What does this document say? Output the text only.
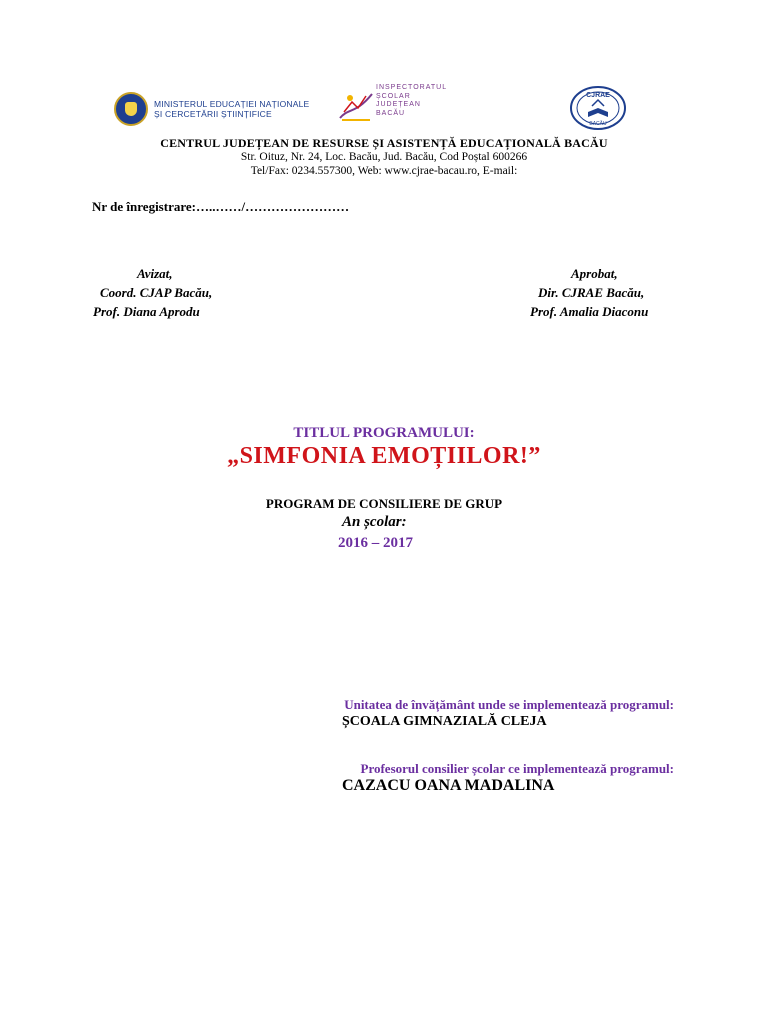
MINISTERUL EDUCAȚIEI NAȚIONALE
ȘI CERCETĂRII ȘTIINȚIFICE
INSPECTORATUL
ȘCOLAR
JUDEȚEAN
BACĂU
CJRAE
BACĂU
CENTRUL JUDEȚEAN DE RESURSE ȘI ASISTENȚĂ EDUCAȚIONALĂ BACĂU
Str. Oituz, Nr. 24, Loc. Bacău, Jud. Bacău, Cod Poștal 600266
Tel/Fax: 0234.557300, Web: www.cjrae-bacau.ro, E-mail:
Nr de înregistrare:…..……/……………………
Avizat,
Coord. CJAP Bacău,
Prof. Diana Aprodu
Aprobat,
Dir. CJRAE Bacău,
Prof. Amalia Diaconu
TITLUL PROGRAMULUI:
„SIMFONIA EMOȚIILOR!”
PROGRAM DE CONSILIERE DE GRUP
An școlar:
2016 – 2017
Unitatea de învățământ unde se implementează programul:
ȘCOALA GIMNAZIALĂ CLEJA
Profesorul consilier școlar ce implementează programul:
CAZACU OANA MADALINA
